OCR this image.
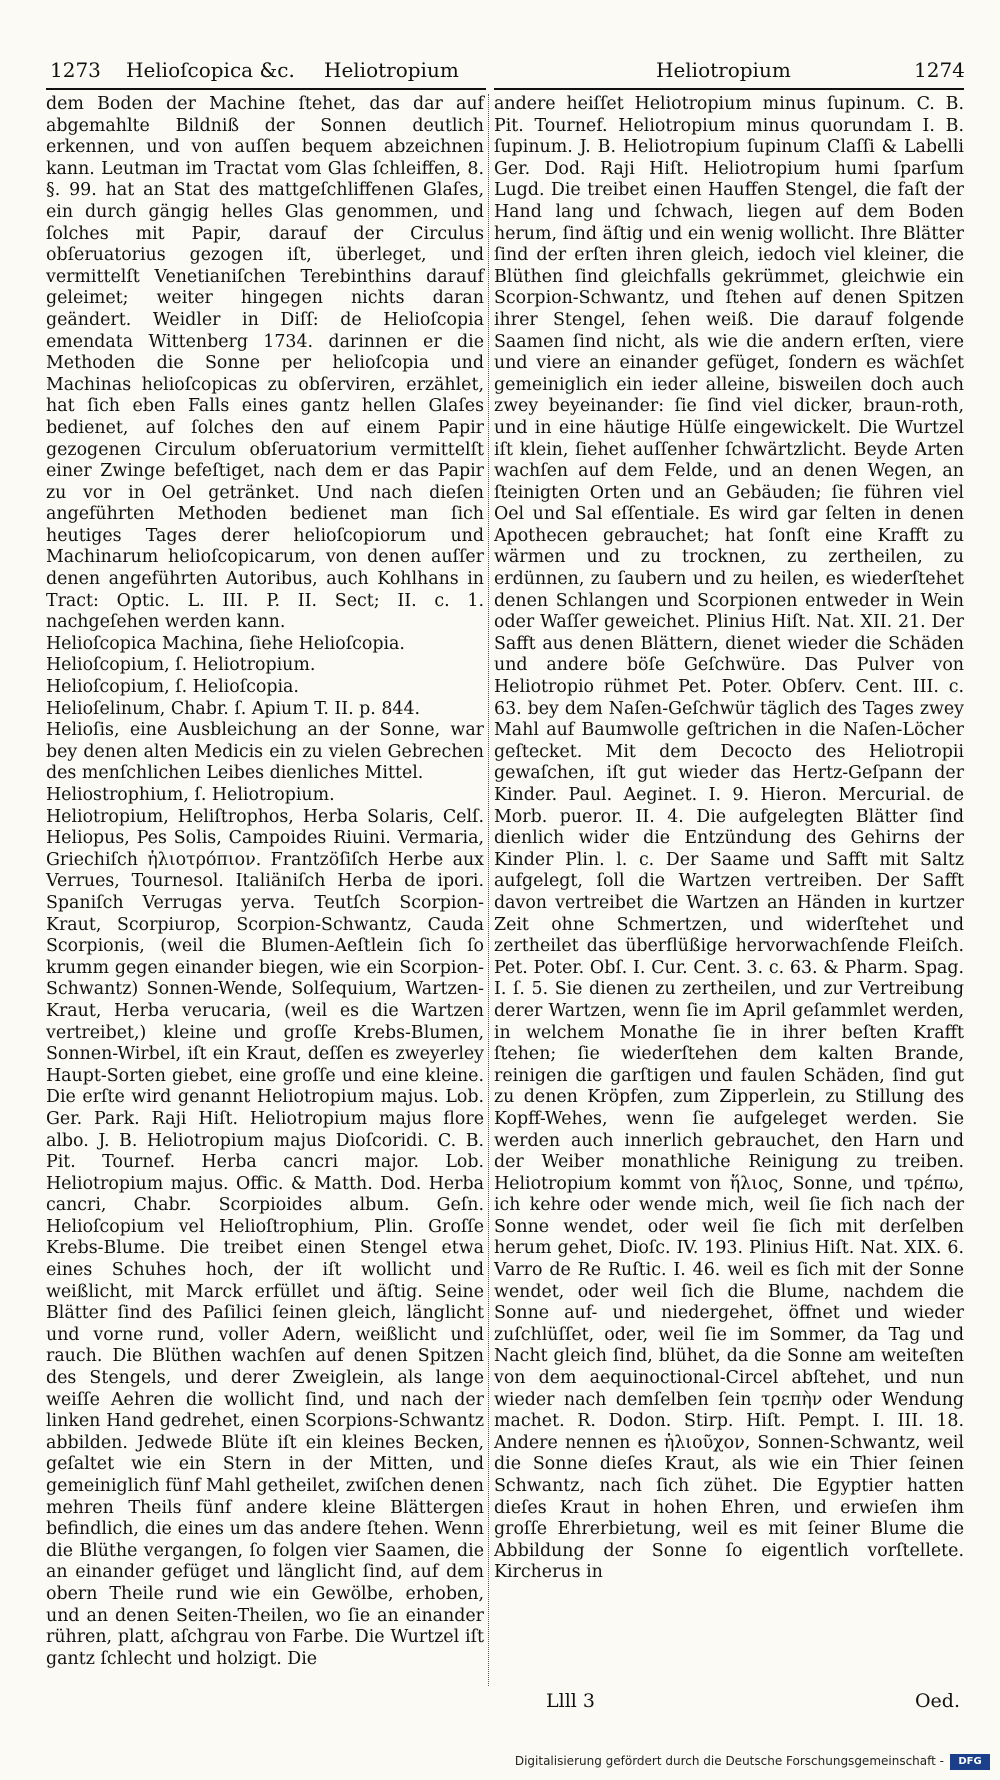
1273 Helioſcopica &c. Heliotropium	Heliotropium	1274

dem Boden der Machine ſtehet, das dar auf abgemahlte Bildniß der Sonnen deutlich erkennen, und von auſſen bequem abzeichnen kann. Leutman im Tractat vom Glas ſchleiffen, 8. §. 99. hat an Stat des mattgeſchliffenen Glaſes, ein durch gängig helles Glas genommen, und ſolches mit Papir, darauf der Circulus obſeruatorius gezogen iſt, überleget, und vermittelſt Venetianiſchen Terebinthins darauf geleimet; weiter hingegen nichts daran geändert. Weidler in Diſſ: de Helioſcopia emendata Wittenberg 1734. darinnen er die Methoden die Sonne per helioſcopia und Machinas helioſcopicas zu obſerviren, erzählet, hat ſich eben Falls eines gantz hellen Glaſes bedienet, auf ſolches den auf einem Papir gezogenen Circulum obſeruatorium vermittelſt einer Zwinge befeſtiget, nach dem er das Papir zu vor in Oel getränket. Und nach dieſen angeführten Methoden bedienet man ſich heutiges Tages derer helioſcopiorum und Machinarum helioſcopicarum, von denen auſſer denen angeführten Autoribus, auch Kohlhans in Tract: Optic. L. III. P. II. Sect; II. c. 1. nachgeſehen werden kann.

Helioſcopica Machina, ſiehe Helioſcopia.

Helioſcopium, ſ. Heliotropium.

Helioſcopium, ſ. Helioſcopia.

Helioſelinum, Chabr. ſ. Apium T. II. p. 844.

Helioſis, eine Ausbleichung an der Sonne, war bey denen alten Medicis ein zu vielen Gebrechen des menſchlichen Leibes dienliches Mittel.

Heliostrophium, ſ. Heliotropium.

Heliotropium, Heliſtrophos, Herba Solaris, Celſ. Heliopus, Pes Solis, Campoides Riuini. Vermaria, Griechiſch ἡλιοτρόπιον. Frantzöſiſch Herbe aux Verrues, Tournesol. Italiäniſch Herba de ipori. Spaniſch Verrugas yerva. Teutſch Scorpion-Kraut, Scorpiurop, Scorpion-Schwantz, Cauda Scorpionis, (weil die Blumen-Aeſtlein ſich ſo krumm gegen einander biegen, wie ein Scorpion-Schwantz) Sonnen-Wende, Solſequium, Wartzen-Kraut, Herba verucaria, (weil es die Wartzen vertreibet,) kleine und groſſe Krebs-Blumen, Sonnen-Wirbel, iſt ein Kraut, deſſen es zweyerley Haupt-Sorten giebet, eine groſſe und eine kleine. Die erſte wird genannt Heliotropium majus. Lob. Ger. Park. Raji Hiſt. Heliotropium majus flore albo. J. B. Heliotropium majus Dioſcoridi. C. B. Pit. Tournef. Herba cancri major. Lob. Heliotropium majus. Offic. & Matth. Dod. Herba cancri, Chabr. Scorpioides album. Geſn. Helioſcopium vel Helioſtrophium, Plin. Groſſe Krebs-Blume. Die treibet einen Stengel etwa eines Schuhes hoch, der iſt wollicht und weißlicht, mit Marck erfüllet und äſtig. Seine Blätter ſind des Paſilici ſeinen gleich, länglicht und vorne rund, voller Adern, weißlicht und rauch. Die Blüthen wachſen auf denen Spitzen des Stengels, und derer Zweiglein, als lange weiſſe Aehren die wollicht ſind, und nach der linken Hand gedrehet, einen Scorpions-Schwantz abbilden. Jedwede Blüte iſt ein kleines Becken, geſaltet wie ein Stern in der Mitten, und gemeiniglich fünf Mahl getheilet, zwiſchen denen mehren Theils fünf andere kleine Blättergen befindlich, die eines um das andere ſtehen. Wenn die Blüthe vergangen, ſo folgen vier Saamen, die an einander gefüget und länglicht ſind, auf dem obern Theile rund wie ein Gewölbe, erhoben, und an denen Seiten-Theilen, wo ſie an einander rühren, platt, aſchgrau von Farbe. Die Wurtzel iſt gantz ſchlecht und holzigt. Die

andere heiſſet Heliotropium minus ſupinum. C. B. Pit. Tournef. Heliotropium minus quorundam I. B. ſupinum. J. B. Heliotropium ſupinum Claſſi & Labelli Ger. Dod. Raji Hiſt. Heliotropium humi ſparſum Lugd. Die treibet einen Hauffen Stengel, die faſt der Hand lang und ſchwach, liegen auf dem Boden herum, ſind äſtig und ein wenig wollicht. Ihre Blätter ſind der erſten ihren gleich, iedoch viel kleiner, die Blüthen ſind gleichfalls gekrümmet, gleichwie ein Scorpion-Schwantz, und ſtehen auf denen Spitzen ihrer Stengel, ſehen weiß. Die darauf folgende Saamen ſind nicht, als wie die andern erſten, viere und viere an einander gefüget, ſondern es wächſet gemeiniglich ein ieder alleine, bisweilen doch auch zwey beyeinander: ſie ſind viel dicker, braun-roth, und in eine häutige Hülſe eingewickelt. Die Wurtzel iſt klein, ſiehet auſſenher ſchwärtzlicht. Beyde Arten wachſen auf dem Felde, und an denen Wegen, an ſteinigten Orten und an Gebäuden; ſie führen viel Oel und Sal eſſentiale. Es wird gar ſelten in denen Apothecen gebrauchet; hat ſonſt eine Krafft zu wärmen und zu trocknen, zu zertheilen, zu erdünnen, zu ſaubern und zu heilen, es wiederſtehet denen Schlangen und Scorpionen entweder in Wein oder Waſſer geweichet. Plinius Hiſt. Nat. XII. 21. Der Safft aus denen Blättern, dienet wieder die Schäden und andere böſe Geſchwüre. Das Pulver von Heliotropio rühmet Pet. Poter. Obſerv. Cent. III. c. 63. bey dem Naſen-Geſchwür täglich des Tages zwey Mahl auf Baumwolle geſtrichen in die Naſen-Löcher geſtecket. Mit dem Decocto des Heliotropii gewaſchen, iſt gut wieder das Hertz-Geſpann der Kinder. Paul. Aeginet. I. 9. Hieron. Mercurial. de Morb. pueror. II. 4. Die aufgelegten Blätter ſind dienlich wider die Entzündung des Gehirns der Kinder Plin. l. c. Der Saame und Safft mit Saltz aufgelegt, ſoll die Wartzen vertreiben. Der Safft davon vertreibet die Wartzen an Händen in kurtzer Zeit ohne Schmertzen, und widerſtehet und zertheilet das überflüßige hervorwachſende Fleiſch. Pet. Poter. Obſ. I. Cur. Cent. 3. c. 63. & Pharm. Spag. I. ſ. 5. Sie dienen zu zertheilen, und zur Vertreibung derer Wartzen, wenn ſie im April geſammlet werden, in welchem Monathe ſie in ihrer beſten Krafft ſtehen; ſie wiederſtehen dem kalten Brande, reinigen die garſtigen und faulen Schäden, ſind gut zu denen Kröpfen, zum Zipperlein, zu Stillung des Kopff-Wehes, wenn ſie aufgeleget werden. Sie werden auch innerlich gebrauchet, den Harn und der Weiber monathliche Reinigung zu treiben. Heliotropium kommt von ἥλιος, Sonne, und τρέπω, ich kehre oder wende mich, weil ſie ſich nach der Sonne wendet, oder weil ſie ſich mit derſelben herum gehet, Dioſc. IV. 193. Plinius Hiſt. Nat. XIX. 6. Varro de Re Ruſtic. I. 46. weil es ſich mit der Sonne wendet, oder weil ſich die Blume, nachdem die Sonne auf- und niedergehet, öffnet und wieder zuſchlüſſet, oder, weil ſie im Sommer, da Tag und Nacht gleich ſind, blühet, da die Sonne am weiteſten von dem aequinoctional-Circel abſtehet, und nun wieder nach demſelben ſein τρεπὴν oder Wendung machet. R. Dodon. Stirp. Hiſt. Pempt. I. III. 18. Andere nennen es ἡλιοῦχον, Sonnen-Schwantz, weil die Sonne dieſes Kraut, als wie ein Thier ſeinen Schwantz, nach ſich zühet. Die Egyptier hatten dieſes Kraut in hohen Ehren, und erwieſen ihm groſſe Ehrerbietung, weil es mit ſeiner Blume die Abbildung der Sonne ſo eigentlich vorſtellete. Kircherus in

Llll 3	Oed.
Digitalisierung gefördert durch die Deutsche Forschungsgemeinschaft -	DFG
